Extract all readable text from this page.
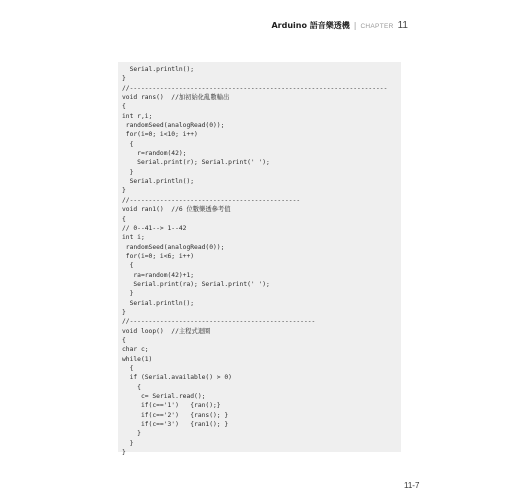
Arduino 語音樂透機 | CHAPTER 11
Serial.println();
}
//--------------------------------------------------------------------
void rans()  //加初始化亂數輸出
{
int r,i;
randomSeed(analogRead(0));
for(i=0; i<10; i++)
{
r=random(42);
Serial.print(r); Serial.print(' ');
}
Serial.println();
}
//---------------------------------------------
void ran1()  //6 位數樂透參考值
{
// 0--41--> 1--42
int i;
randomSeed(analogRead(0));
for(i=0; i<6; i++)
{
ra=random(42)+1;
Serial.print(ra); Serial.print(' ');
}
Serial.println();
}
//-------------------------------------------------
void loop()  //主程式迴圈
{
char c;
while(1)
{
if (Serial.available() > 0)
{
c= Serial.read();
if(c=='1')   {ran();}
if(c=='2')   {rans(); }
if(c=='3')   {ran1(); }
}
}
}
11-7
